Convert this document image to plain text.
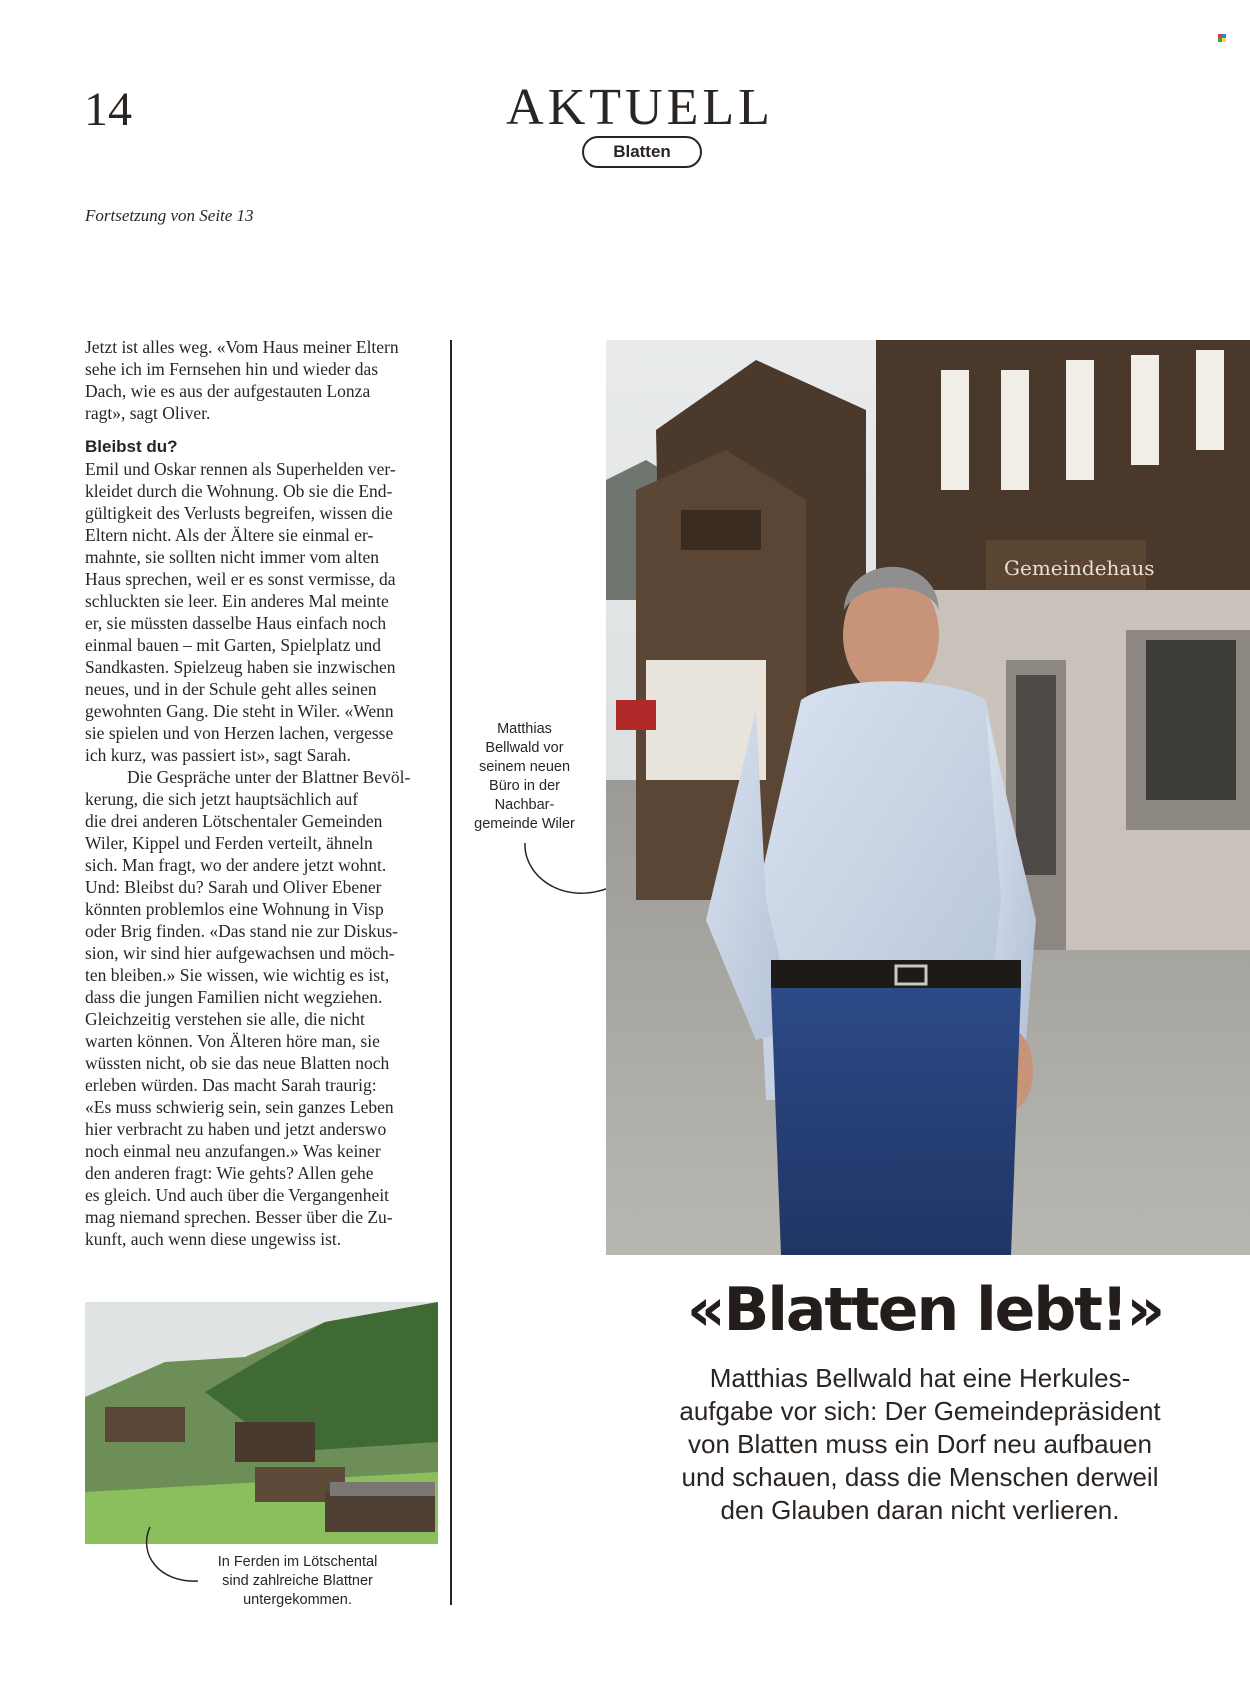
14	AKTUELL
Blatten
Fortsetzung von Seite 13
Jetzt ist alles weg. «Vom Haus meiner Eltern
sehe ich im Fernsehen hin und wieder das
Dach, wie es aus der aufgestauten Lonza
ragt», sagt Oliver.
Bleibst du?
Emil und Oskar rennen als Superhelden ver-
kleidet durch die Wohnung. Ob sie die End-
gültigkeit des Verlusts begreifen, wissen die
Eltern nicht. Als der Ältere sie einmal er-
mahnte, sie sollten nicht immer vom alten
Haus sprechen, weil er es sonst vermisse, da
schluckten sie leer. Ein anderes Mal meinte
er, sie müssten dasselbe Haus einfach noch
einmal bauen – mit Garten, Spielplatz und
Sandkasten. Spielzeug haben sie inzwischen
neues, und in der Schule geht alles seinen
gewohnten Gang. Die steht in Wiler. «Wenn
sie spielen und von Herzen lachen, vergesse
ich kurz, was passiert ist», sagt Sarah.
Die Gespräche unter der Blattner Bevöl-
kerung, die sich jetzt hauptsächlich auf
die drei anderen Lötschentaler Gemeinden
Wiler, Kippel und Ferden verteilt, ähneln
sich. Man fragt, wo der andere jetzt wohnt.
Und: Bleibst du? Sarah und Oliver Ebener
könnten problemlos eine Wohnung in Visp
oder Brig finden. «Das stand nie zur Diskus-
sion, wir sind hier aufgewachsen und möch-
ten bleiben.» Sie wissen, wie wichtig es ist,
dass die jungen Familien nicht wegziehen.
Gleichzeitig verstehen sie alle, die nicht
warten können. Von Älteren höre man, sie
wüssten nicht, ob sie das neue Blatten noch
erleben würden. Das macht Sarah traurig:
«Es muss schwierig sein, sein ganzes Leben
hier verbracht zu haben und jetzt anderswo
noch einmal neu anzufangen.» Was keiner
den anderen fragt: Wie gehts? Allen gehe
es gleich. Und auch über die Vergangenheit
mag niemand sprechen. Besser über die Zu-
kunft, auch wenn diese ungewiss ist.
Matthias
Bellwald vor
seinem neuen
Büro in der
Nachbar-
gemeinde Wiler
Gemeindehaus
In Ferden im Lötschental
sind zahlreiche Blattner
untergekommen.
«Blatten lebt!»
Matthias Bellwald hat eine Herkules-
aufgabe vor sich: Der Gemeindepräsident
von Blatten muss ein Dorf neu aufbauen
und schauen, dass die Menschen derweil
den Glauben daran nicht verlieren.
